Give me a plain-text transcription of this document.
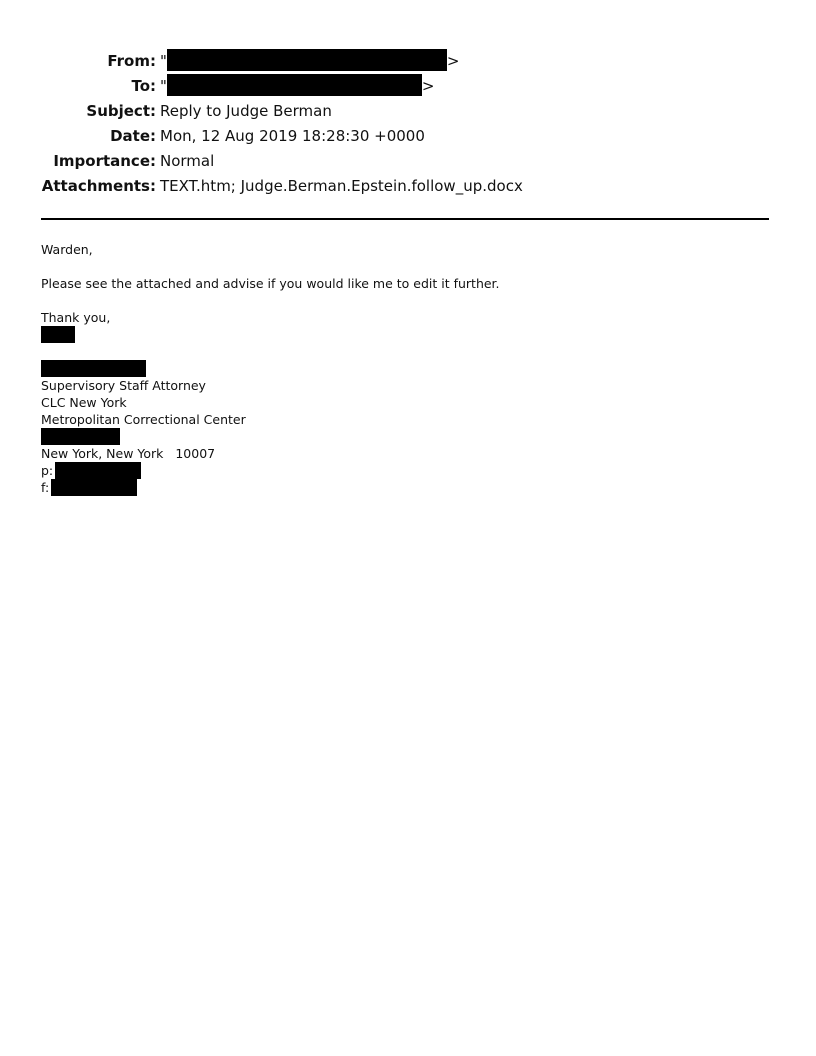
From: "	>
To: "	>
Subject: Reply to Judge Berman
Date: Mon, 12 Aug 2019 18:28:30 +0000
Importance: Normal
Attachments: TEXT.htm; Judge.Berman.Epstein.follow_up.docx
Warden,
Please see the attached and advise if you would like me to edit it further.
Thank you,
Supervisory Staff Attorney
CLC New York
Metropolitan Correctional Center
New York, New York   10007
p:
f:
